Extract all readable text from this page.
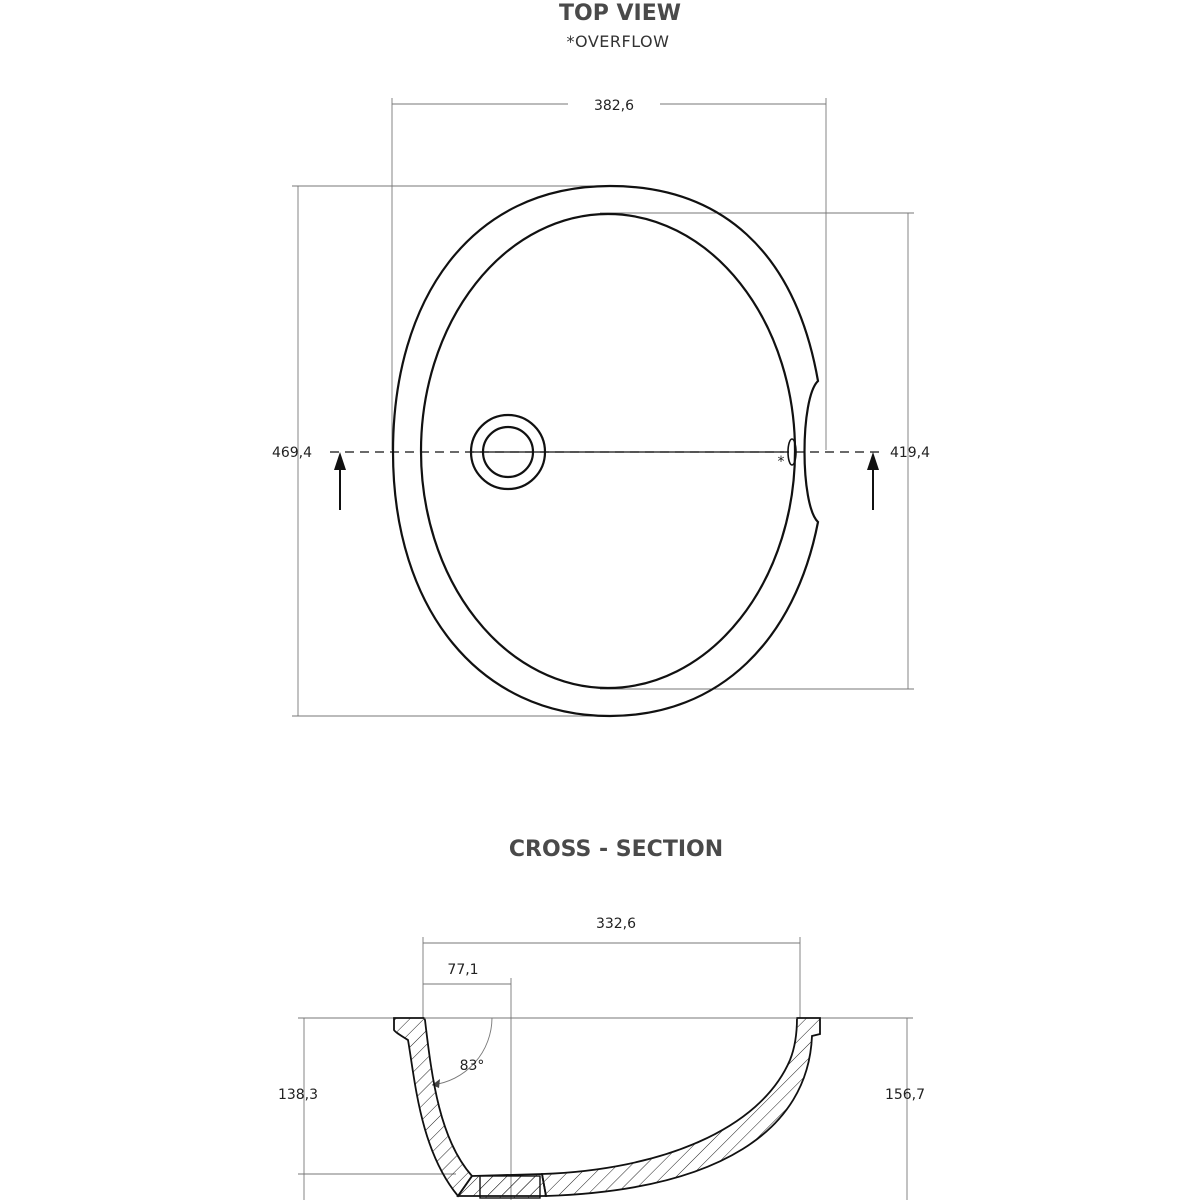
TOP VIEW
*OVERFLOW
382,6
469,4	419,4
*
CROSS - SECTION
332,6
77,1
138,3	156,7
83°
